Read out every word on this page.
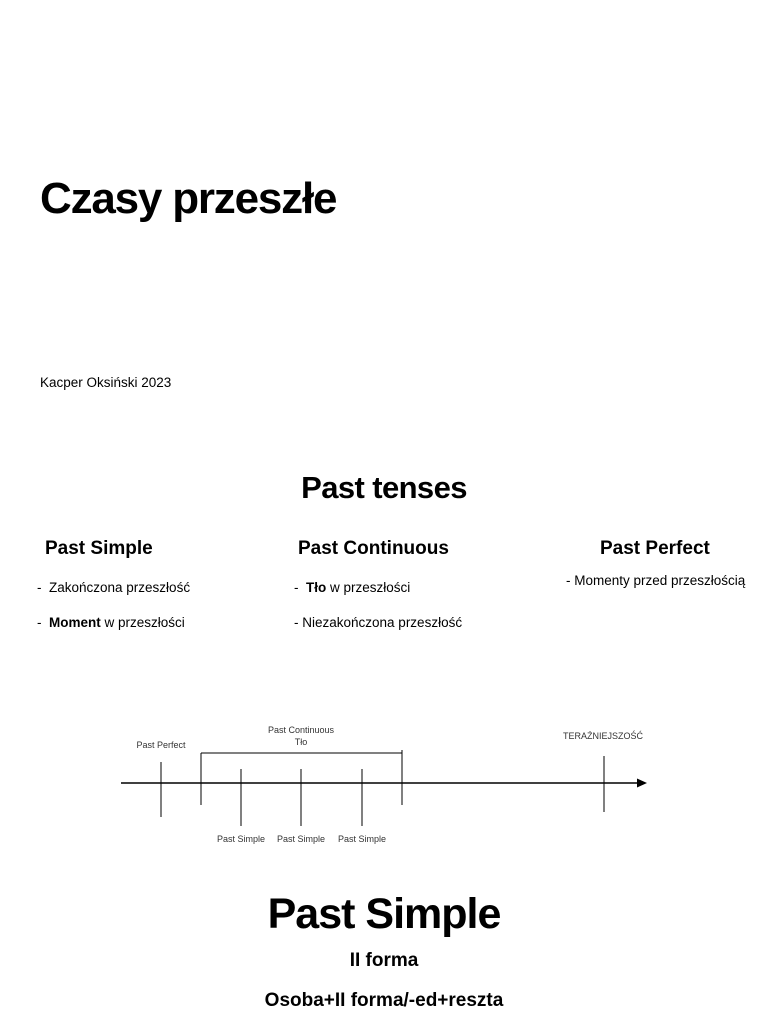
Czasy przeszłe
Kacper Oksiński 2023
Past tenses
Past Simple
-  Zakończona przeszłość
-  Moment w przeszłości
Past Continuous
-  Tło w przeszłości
- Niezakończona przeszłość
Past Perfect
- Momenty przed przeszłością
Past Perfect
Past Continuous
Tło
Past Simple Past Simple Past Simple
TERAŹNIEJSZOŚĆ
Past Simple
II forma
Osoba+II forma/-ed+reszta
